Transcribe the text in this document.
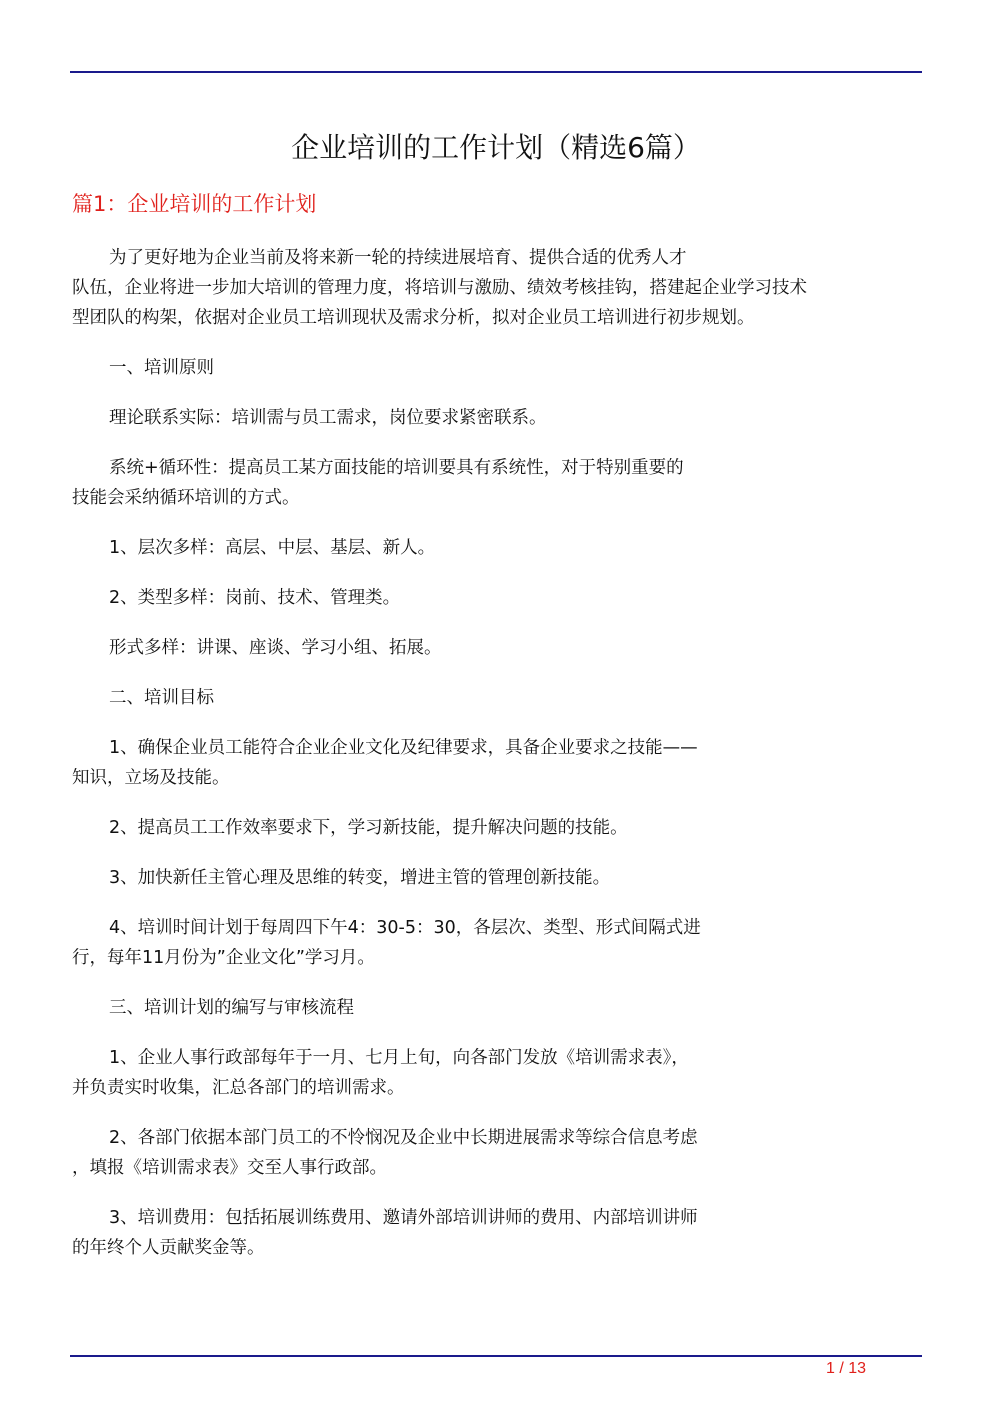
企业培训的工作计划（精选6篇）
篇1：企业培训的工作计划
为了更好地为企业当前及将来新一轮的持续进展培育、提供合适的优秀人才
队伍，企业将进一步加大培训的管理力度，将培训与激励、绩效考核挂钩，搭建起企业学习技术
型团队的构架，依据对企业员工培训现状及需求分析，拟对企业员工培训进行初步规划。
一、培训原则
理论联系实际：培训需与员工需求，岗位要求紧密联系。
系统+循环性：提高员工某方面技能的培训要具有系统性，对于特别重要的
技能会采纳循环培训的方式。
1、层次多样：高层、中层、基层、新人。
2、类型多样：岗前、技术、管理类。
形式多样：讲课、座谈、学习小组、拓展。
二、培训目标
1、确保企业员工能符合企业企业文化及纪律要求，具备企业要求之技能——
知识，立场及技能。
2、提高员工工作效率要求下，学习新技能，提升解决问题的技能。
3、加快新任主管心理及思维的转变，增进主管的管理创新技能。
4、培训时间计划于每周四下午4：30-5：30，各层次、类型、形式间隔式进
行，每年11月份为”企业文化”学习月。
三、培训计划的编写与审核流程
1、企业人事行政部每年于一月、七月上旬，向各部门发放《培训需求表》，
并负责实时收集，汇总各部门的培训需求。
2、各部门依据本部门员工的不怜悯况及企业中长期进展需求等综合信息考虑
，填报《培训需求表》交至人事行政部。
3、培训费用：包括拓展训练费用、邀请外部培训讲师的费用、内部培训讲师
的年终个人贡献奖金等。
1 / 13
